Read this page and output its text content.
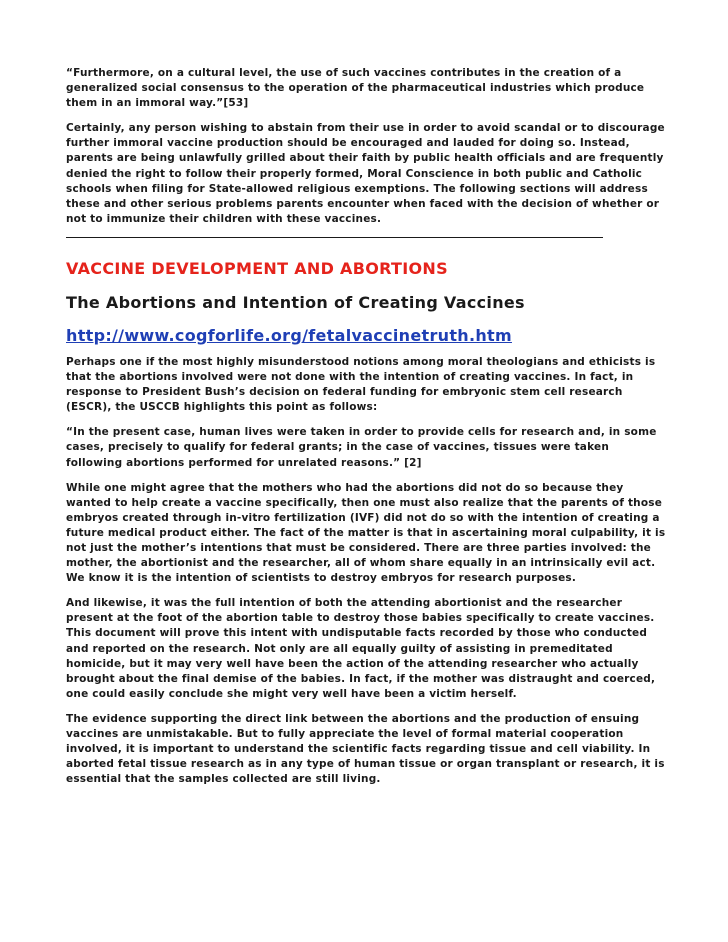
“Furthermore, on a cultural level, the use of such vaccines contributes in the creation of a generalized social consensus to the operation of the pharmaceutical industries which produce them in an immoral way.”[53]

Certainly, any person wishing to abstain from their use in order to avoid scandal or to discourage further immoral vaccine production should be encouraged and lauded for doing so. Instead, parents are being unlawfully grilled about their faith by public health officials and are frequently denied the right to follow their properly formed, Moral Conscience in both public and Catholic schools when filing for State-allowed religious exemptions. The following sections will address these and other serious problems parents encounter when faced with the decision of whether or not to immunize their children with these vaccines.

VACCINE DEVELOPMENT AND ABORTIONS
The Abortions and Intention of Creating Vaccines
http://www.cogforlife.org/fetalvaccinetruth.htm

Perhaps one if the most highly misunderstood notions among moral theologians and ethicists is that the abortions involved were not done with the intention of creating vaccines. In fact, in response to President Bush’s decision on federal funding for embryonic stem cell research (ESCR), the USCCB highlights this point as follows:

“In the present case, human lives were taken in order to provide cells for research and, in some cases, precisely to qualify for federal grants; in the case of vaccines, tissues were taken following abortions performed for unrelated reasons.” [2]

While one might agree that the mothers who had the abortions did not do so because they wanted to help create a vaccine specifically, then one must also realize that the parents of those embryos created through in-vitro fertilization (IVF) did not do so with the intention of creating a future medical product either. The fact of the matter is that in ascertaining moral culpability, it is not just the mother’s intentions that must be considered. There are three parties involved: the mother, the abortionist and the researcher, all of whom share equally in an intrinsically evil act. We know it is the intention of scientists to destroy embryos for research purposes.

And likewise, it was the full intention of both the attending abortionist and the researcher present at the foot of the abortion table to destroy those babies specifically to create vaccines. This document will prove this intent with undisputable facts recorded by those who conducted and reported on the research. Not only are all equally guilty of assisting in premeditated homicide, but it may very well have been the action of the attending researcher who actually brought about the final demise of the babies. In fact, if the mother was distraught and coerced, one could easily conclude she might very well have been a victim herself.

The evidence supporting the direct link between the abortions and the production of ensuing vaccines are unmistakable. But to fully appreciate the level of formal material cooperation involved, it is important to understand the scientific facts regarding tissue and cell viability. In aborted fetal tissue research as in any type of human tissue or organ transplant or research, it is essential that the samples collected are still living.
